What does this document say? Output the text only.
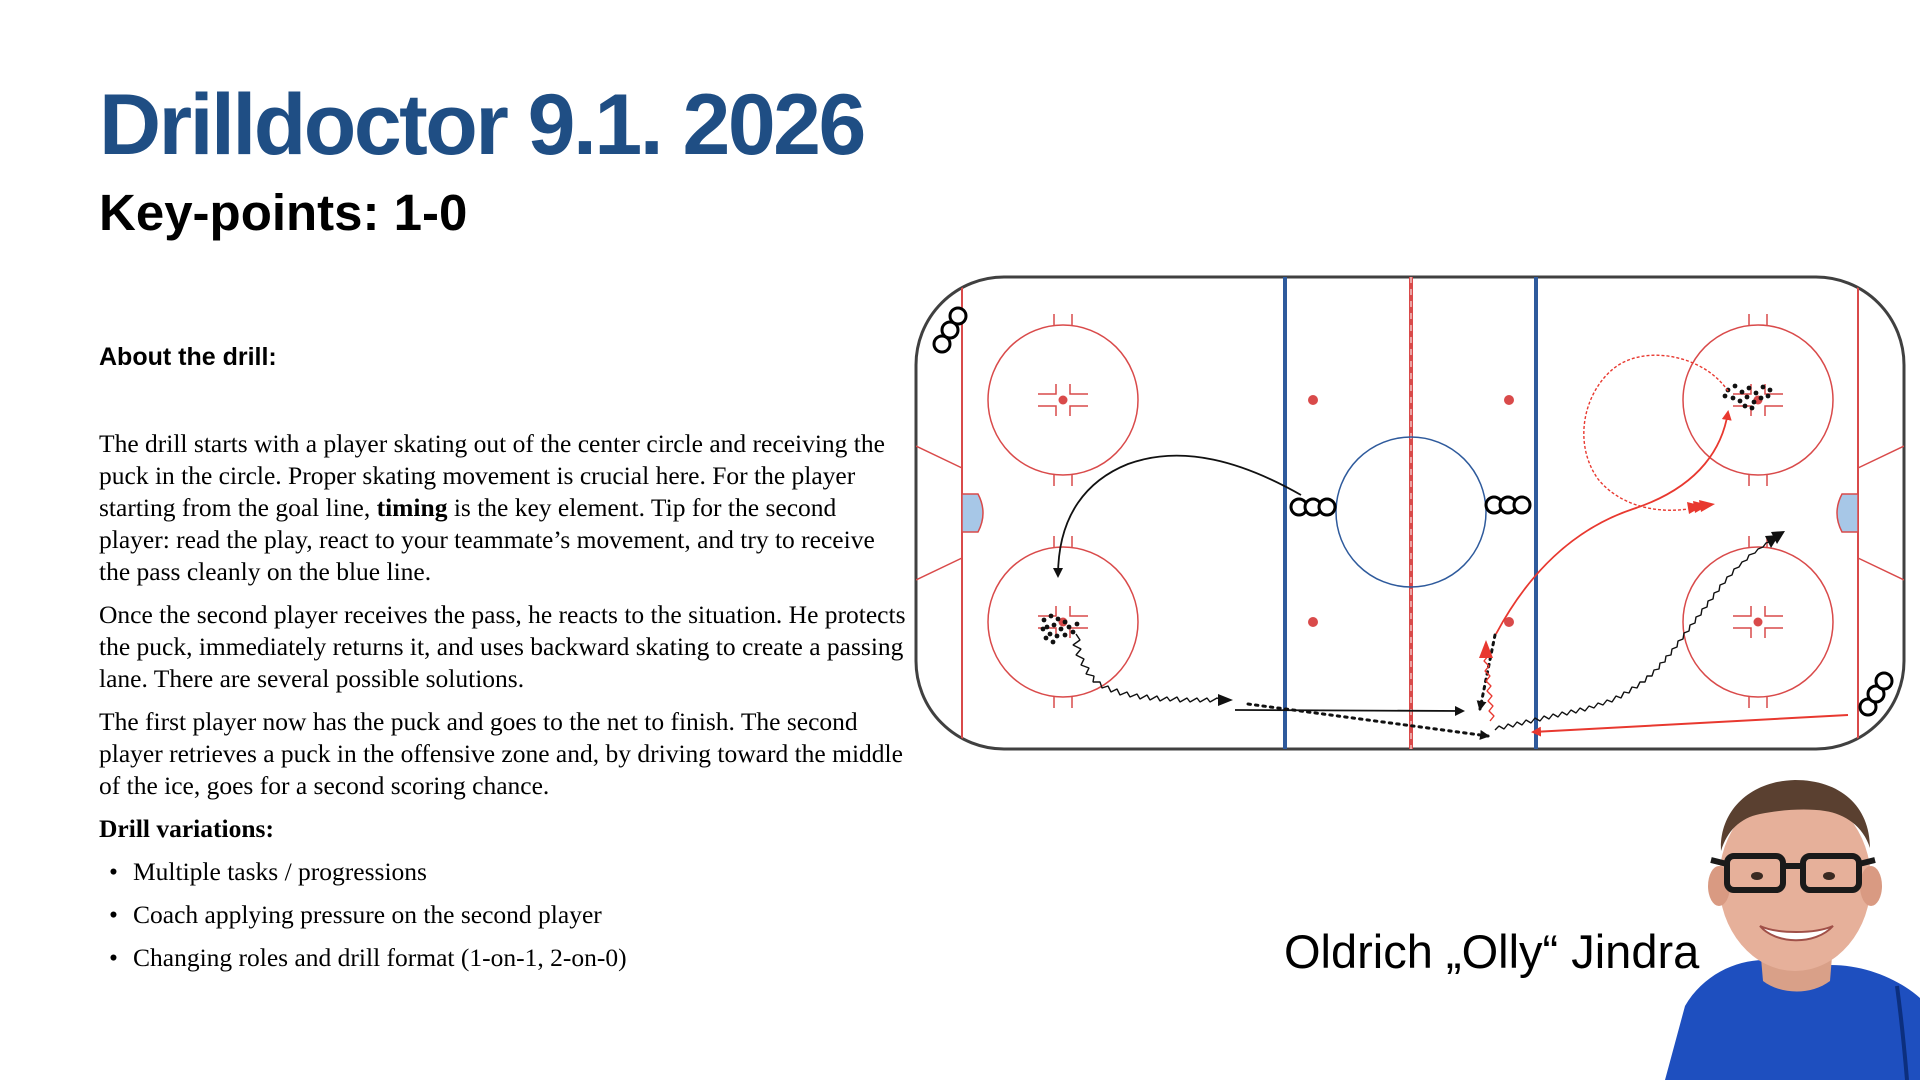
Drilldoctor 9.1. 2026
Key-points: 1-0
About the drill:

The drill starts with a player skating out of the center circle and receiving the puck in the circle. Proper skating movement is crucial here. For the player starting from the goal line, timing is the key element. Tip for the second player: read the play, react to your teammate’s movement, and try to receive the pass cleanly on the blue line.

Once the second player receives the pass, he reacts to the situation. He protects the puck, immediately returns it, and uses backward skating to create a passing lane. There are several possible solutions.

The first player now has the puck and goes to the net to finish. The second player retrieves a puck in the offensive zone and, by driving toward the middle of the ice, goes for a second scoring chance.

Drill variations:

• Multiple tasks / progressions
• Coach applying pressure on the second player
• Changing roles and drill format (1-on-1, 2-on-0)	Oldrich „Olly“ Jindra
